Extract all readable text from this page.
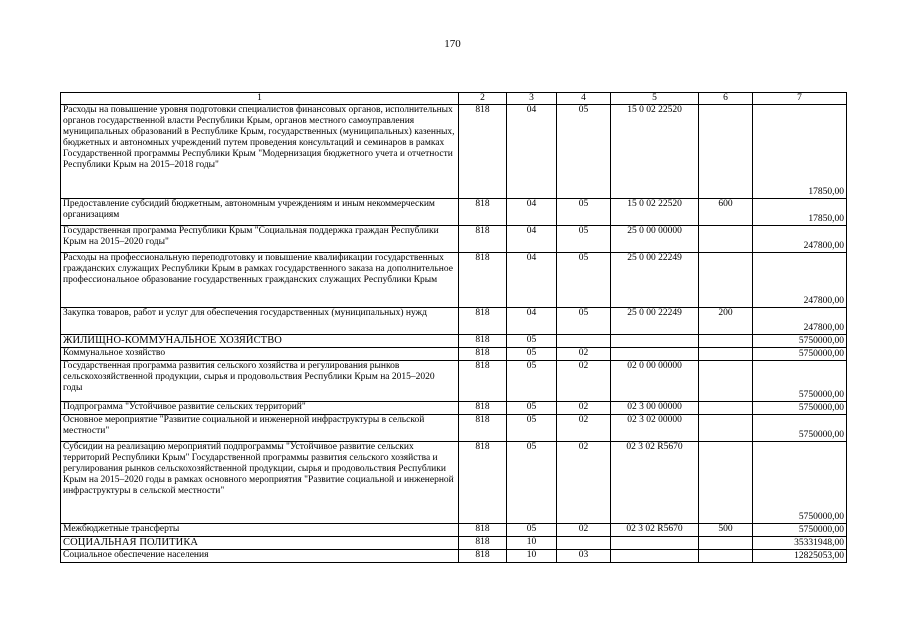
170
1	2	3	4	5	6	7
Расходы на повышение уровня подготовки специалистов финансовых органов, исполнительных органов государственной власти Республики Крым, органов местного самоуправления муниципальных образований в Республике Крым, государственных (муниципальных) казенных, бюджетных и автономных учреждений путем проведения консультаций и семинаров в рамках Государственной программы Республики Крым "Модернизация бюджетного учета и отчетности Республики Крым на 2015–2018 годы"	818	04	05	15 0 02 22520		17850,00
Предоставление субсидий бюджетным, автономным учреждениям и иным некоммерческим организациям	818	04	05	15 0 02 22520	600	17850,00
Государственная программа Республики Крым "Социальная поддержка граждан Республики Крым на 2015–2020 годы"	818	04	05	25 0 00 00000		247800,00
Расходы на профессиональную переподготовку и повышение квалификации государственных гражданских служащих Республики Крым в рамках государственного заказа на дополнительное профессиональное образование государственных гражданских служащих Республики Крым	818	04	05	25 0 00 22249		247800,00
Закупка товаров, работ и услуг для обеспечения государственных (муниципальных) нужд	818	04	05	25 0 00 22249	200	247800,00
ЖИЛИЩНО-КОММУНАЛЬНОЕ ХОЗЯЙСТВО	818	05				5750000,00
Коммунальное хозяйство	818	05	02			5750000,00
Государственная программа развития сельского хозяйства и регулирования рынков сельскохозяйственной продукции, сырья и продовольствия Республики Крым на 2015–2020 годы	818	05	02	02 0 00 00000		5750000,00
Подпрограмма "Устойчивое развитие сельских территорий"	818	05	02	02 3 00 00000		5750000,00
Основное мероприятие "Развитие социальной и инженерной инфраструктуры в сельской местности"	818	05	02	02 3 02 00000		5750000,00
Субсидии на реализацию мероприятий подпрограммы "Устойчивое развитие сельских территорий Республики Крым" Государственной программы развития сельского хозяйства и регулирования рынков сельскохозяйственной продукции, сырья и продовольствия Республики Крым на 2015–2020 годы в рамках основного мероприятия "Развитие социальной и инженерной инфраструктуры в сельской местности"	818	05	02	02 3 02 R5670		5750000,00
Межбюджетные трансферты	818	05	02	02 3 02 R5670	500	5750000,00
СОЦИАЛЬНАЯ ПОЛИТИКА	818	10				35331948,00
Социальное обеспечение населения	818	10	03			12825053,00
